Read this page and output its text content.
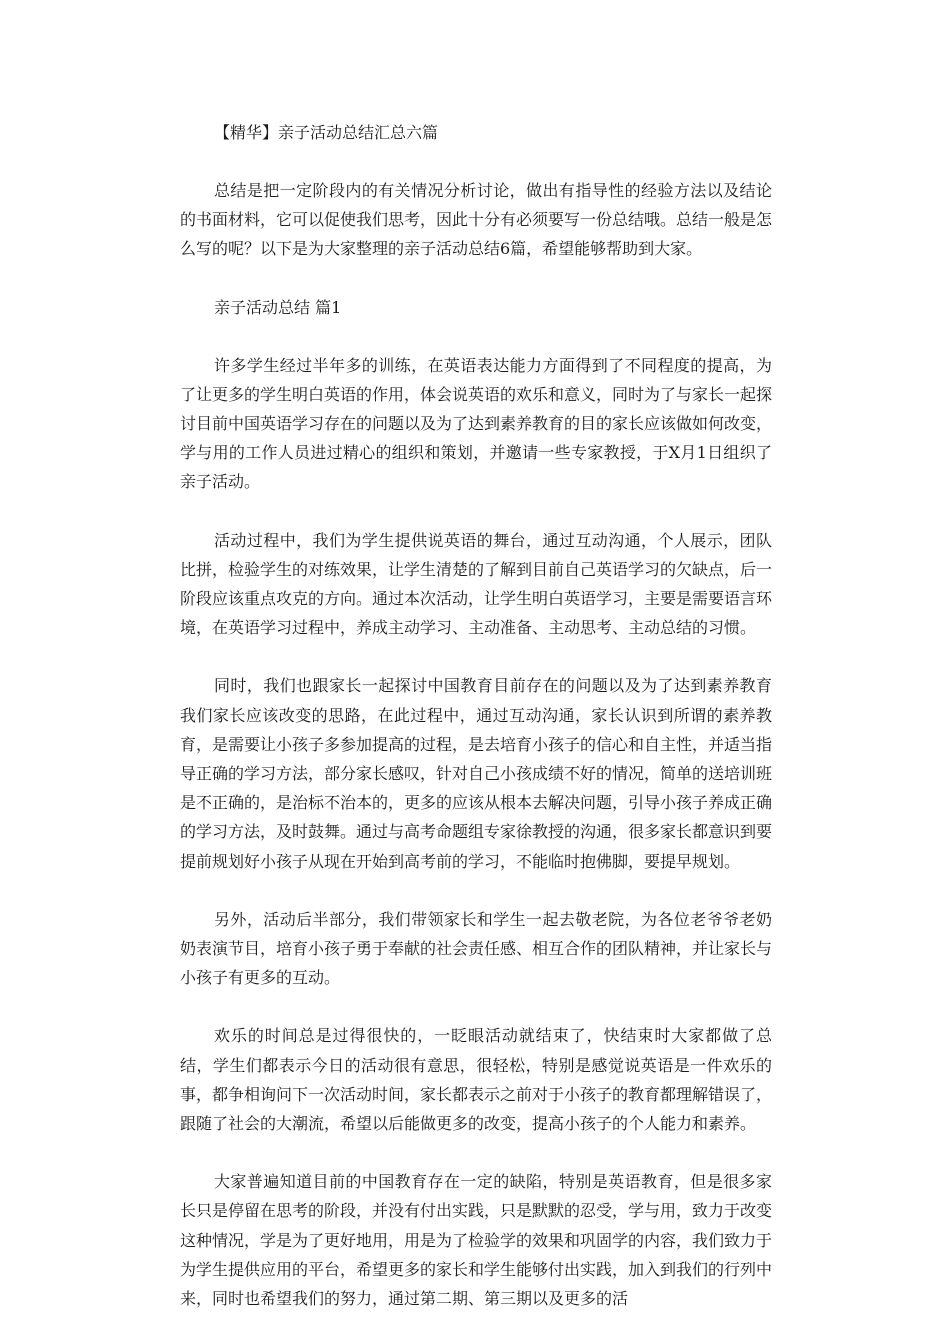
【精华】亲子活动总结汇总六篇

总结是把一定阶段内的有关情况分析讨论，做出有指导性的经验方法以及结论的书面材料，它可以促使我们思考，因此十分有必须要写一份总结哦。总结一般是怎么写的呢？以下是为大家整理的亲子活动总结6篇，希望能够帮助到大家。

亲子活动总结 篇1

许多学生经过半年多的训练，在英语表达能力方面得到了不同程度的提高，为了让更多的学生明白英语的作用，体会说英语的欢乐和意义，同时为了与家长一起探讨目前中国英语学习存在的问题以及为了达到素养教育的目的家长应该做如何改变，学与用的工作人员进过精心的组织和策划，并邀请一些专家教授，于X月1日组织了亲子活动。

活动过程中，我们为学生提供说英语的舞台，通过互动沟通，个人展示，团队比拼，检验学生的对练效果，让学生清楚的了解到目前自己英语学习的欠缺点，后一阶段应该重点攻克的方向。通过本次活动，让学生明白英语学习，主要是需要语言环境，在英语学习过程中，养成主动学习、主动准备、主动思考、主动总结的习惯。

同时，我们也跟家长一起探讨中国教育目前存在的问题以及为了达到素养教育我们家长应该改变的思路，在此过程中，通过互动沟通，家长认识到所谓的素养教育，是需要让小孩子多参加提高的过程，是去培育小孩子的信心和自主性，并适当指导正确的学习方法，部分家长感叹，针对自己小孩成绩不好的情况，简单的送培训班是不正确的，是治标不治本的，更多的应该从根本去解决问题，引导小孩子养成正确的学习方法，及时鼓舞。通过与高考命题组专家徐教授的沟通，很多家长都意识到要提前规划好小孩子从现在开始到高考前的学习，不能临时抱佛脚，要提早规划。

另外，活动后半部分，我们带领家长和学生一起去敬老院，为各位老爷爷老奶奶表演节目，培育小孩子勇于奉献的社会责任感、相互合作的团队精神，并让家长与小孩子有更多的互动。

欢乐的时间总是过得很快的，一眨眼活动就结束了，快结束时大家都做了总结，学生们都表示今日的活动很有意思，很轻松，特别是感觉说英语是一件欢乐的事，都争相询问下一次活动时间，家长都表示之前对于小孩子的教育都理解错误了，跟随了社会的大潮流，希望以后能做更多的改变，提高小孩子的个人能力和素养。

大家普遍知道目前的中国教育存在一定的缺陷，特别是英语教育，但是很多家长只是停留在思考的阶段，并没有付出实践，只是默默的忍受，学与用，致力于改变这种情况，学是为了更好地用，用是为了检验学的效果和巩固学的内容，我们致力于为学生提供应用的平台，希望更多的家长和学生能够付出实践，加入到我们的行列中来，同时也希望我们的努力，通过第二期、第三期以及更多的活
